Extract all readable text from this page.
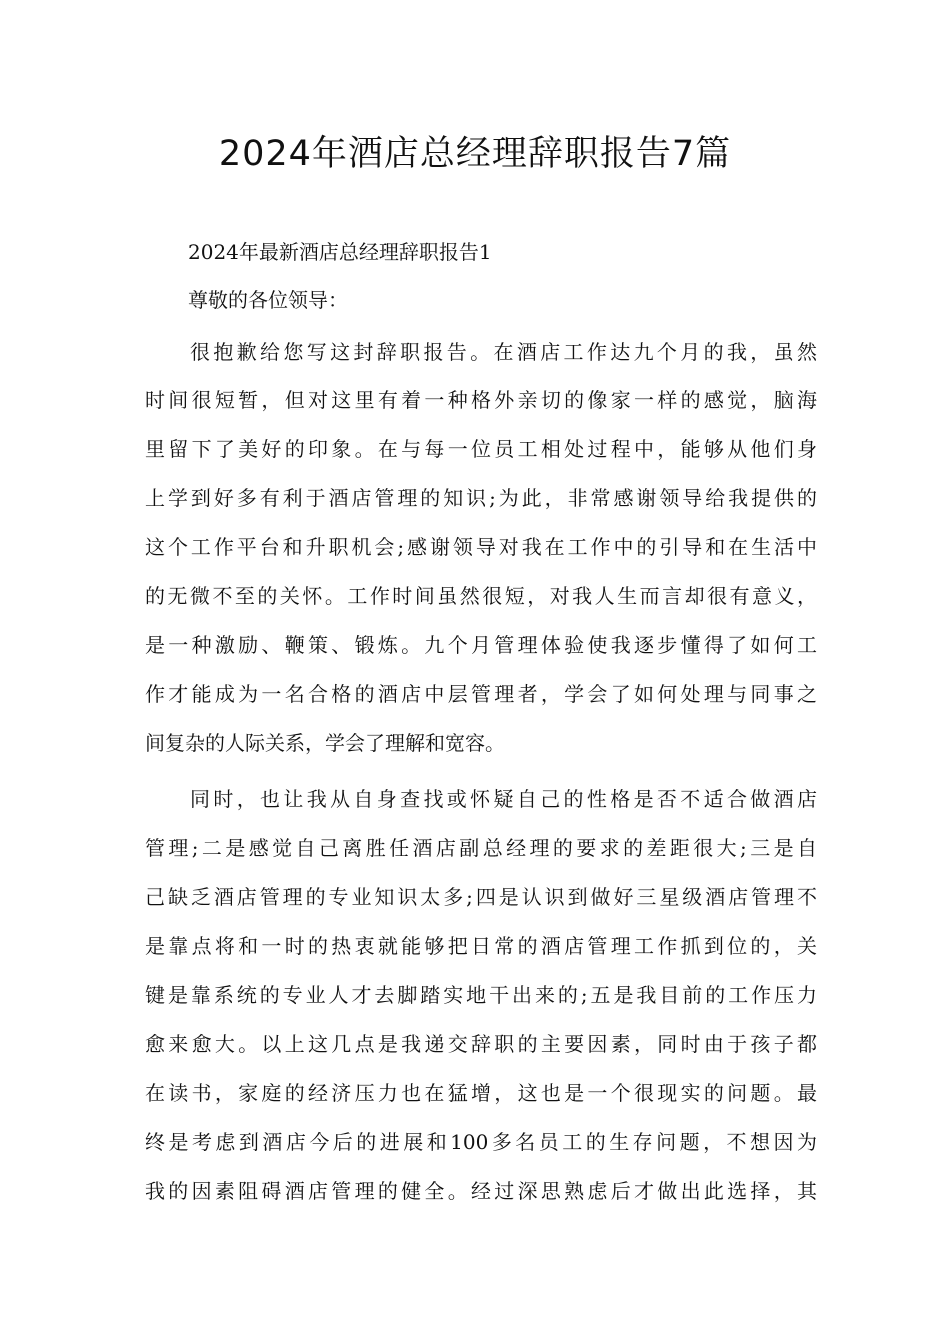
2024年酒店总经理辞职报告7篇

2024年最新酒店总经理辞职报告1

尊敬的各位领导：

很抱歉给您写这封辞职报告。在酒店工作达九个月的我，虽然

时间很短暂，但对这里有着一种格外亲切的像家一样的感觉，脑海

里留下了美好的印象。在与每一位员工相处过程中，能够从他们身

上学到好多有利于酒店管理的知识;为此，非常感谢领导给我提供的

这个工作平台和升职机会;感谢领导对我在工作中的引导和在生活中

的无微不至的关怀。工作时间虽然很短，对我人生而言却很有意义，

是一种激励、鞭策、锻炼。九个月管理体验使我逐步懂得了如何工

作才能成为一名合格的酒店中层管理者，学会了如何处理与同事之

间复杂的人际关系，学会了理解和宽容。

同时，也让我从自身查找或怀疑自己的性格是否不适合做酒店

管理;二是感觉自己离胜任酒店副总经理的要求的差距很大;三是自

己缺乏酒店管理的专业知识太多;四是认识到做好三星级酒店管理不

是靠点将和一时的热衷就能够把日常的酒店管理工作抓到位的，关

键是靠系统的专业人才去脚踏实地干出来的;五是我目前的工作压力

愈来愈大。以上这几点是我递交辞职的主要因素，同时由于孩子都

在读书，家庭的经济压力也在猛增，这也是一个很现实的问题。最

终是考虑到酒店今后的进展和100多名员工的生存问题，不想因为

我的因素阻碍酒店管理的健全。经过深思熟虑后才做出此选择，其
